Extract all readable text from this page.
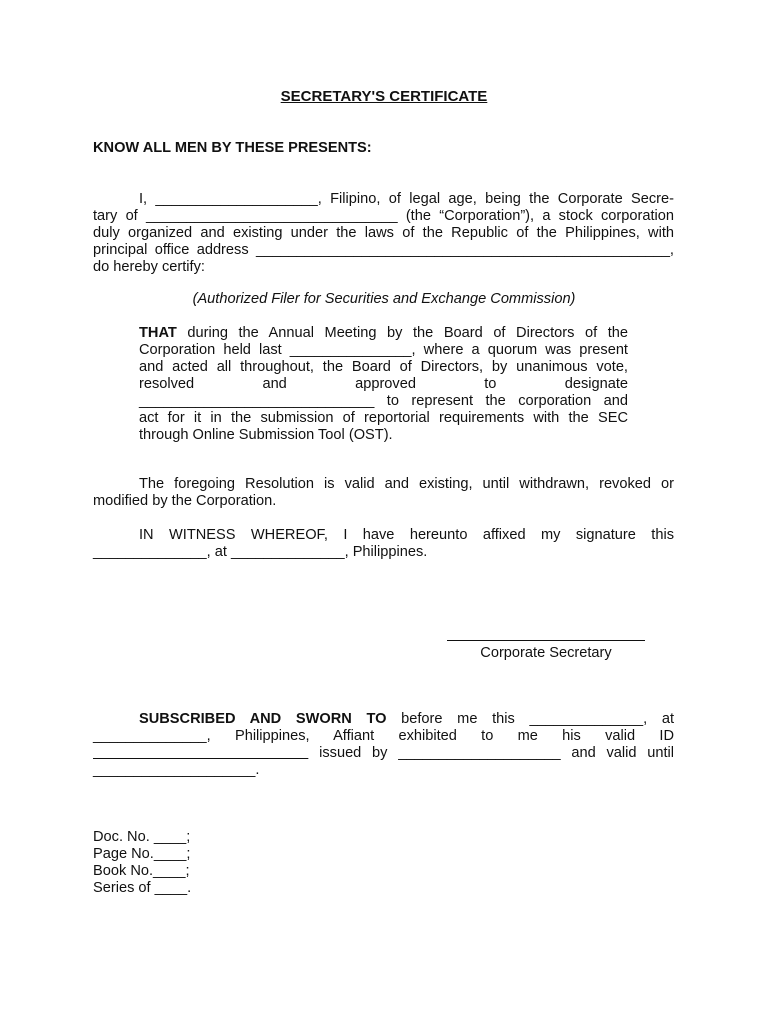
SECRETARY'S CERTIFICATE
KNOW ALL MEN BY THESE PRESENTS:
I, ____________________, Filipino, of legal age, being the Corporate Secre-
tary of _______________________________ (the “Corporation”), a stock corporation
duly organized and existing under the laws of the Republic of the Philippines, with
principal office address ___________________________________________________,
do hereby certify:
(Authorized Filer for Securities and Exchange Commission)
THAT during the Annual Meeting by the Board of Directors of the
Corporation held last _______________, where a quorum was present
and acted all throughout, the Board of Directors, by unanimous vote,
resolved and approved to designate
_____________________________ to represent the corporation and
act for it in the submission of reportorial requirements with the SEC
through Online Submission Tool (OST).
The foregoing Resolution is valid and existing, until withdrawn, revoked or
modified by the Corporation.
IN WITNESS WHEREOF, I have hereunto affixed my signature this
______________, at ______________, Philippines.
Corporate Secretary
SUBSCRIBED AND SWORN TO before me this ______________, at
______________, Philippines, Affiant exhibited to me his valid ID
issued by ____________________ and valid until
____________________.
Doc. No. ____;
Page No.____;
Book No.____;
Series of ____.
